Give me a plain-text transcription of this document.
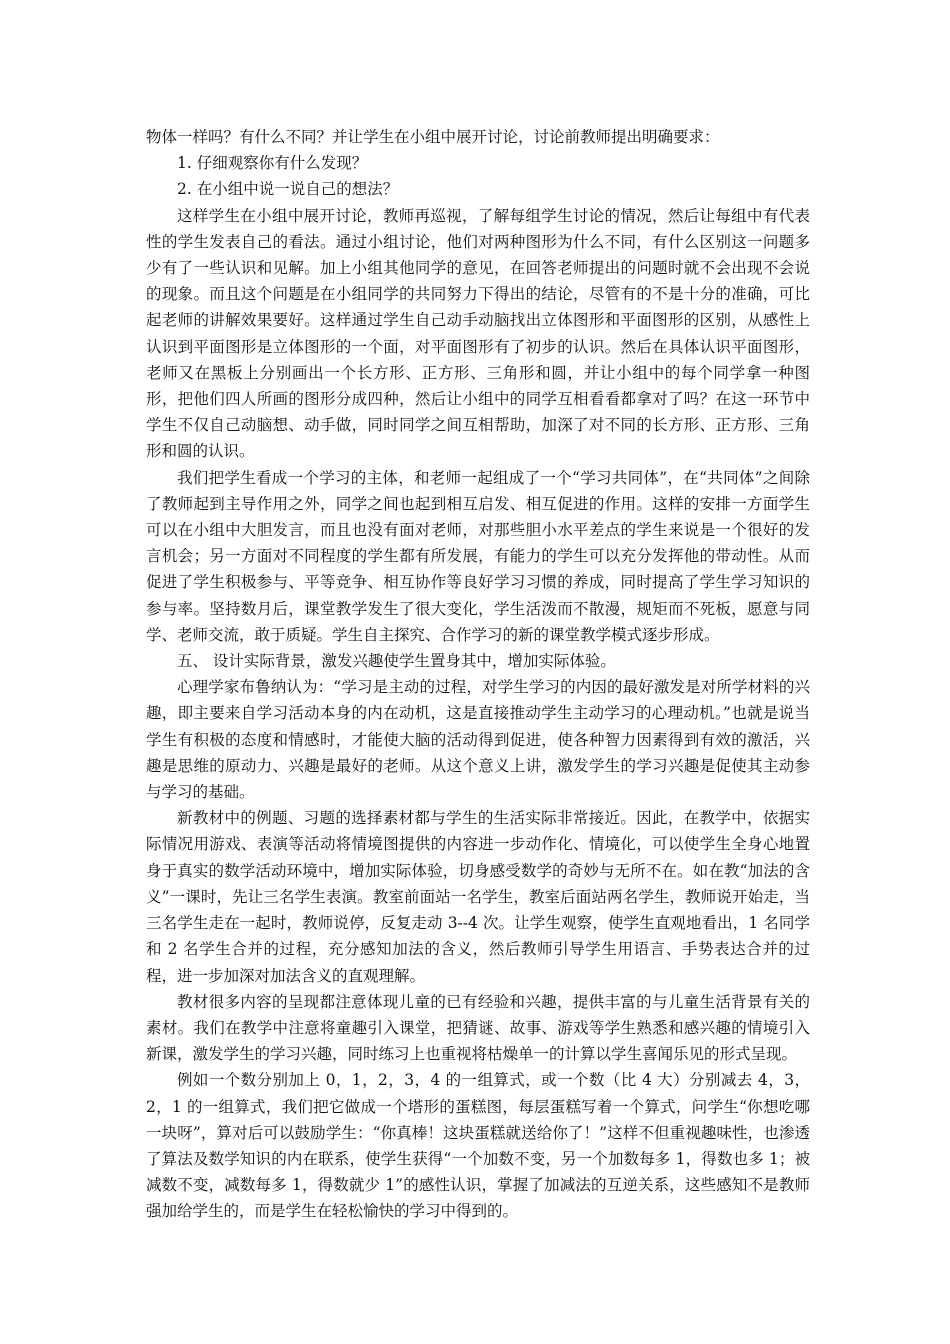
物体一样吗？有什么不同？并让学生在小组中展开讨论，讨论前教师提出明确要求：

1. 仔细观察你有什么发现？

2. 在小组中说一说自己的想法？

这样学生在小组中展开讨论，教师再巡视，了解每组学生讨论的情况，然后让每组中有代表性的学生发表自己的看法。通过小组讨论，他们对两种图形为什么不同，有什么区别这一问题多少有了一些认识和见解。加上小组其他同学的意见，在回答老师提出的问题时就不会出现不会说的现象。而且这个问题是在小组同学的共同努力下得出的结论，尽管有的不是十分的准确，可比起老师的讲解效果要好。这样通过学生自己动手动脑找出立体图形和平面图形的区别，从感性上认识到平面图形是立体图形的一个面，对平面图形有了初步的认识。然后在具体认识平面图形，老师又在黑板上分别画出一个长方形、正方形、三角形和圆，并让小组中的每个同学拿一种图形，把他们四人所画的图形分成四种，然后让小组中的同学互相看看都拿对了吗？在这一环节中学生不仅自己动脑想、动手做，同时同学之间互相帮助，加深了对不同的长方形、正方形、三角形和圆的认识。

我们把学生看成一个学习的主体，和老师一起组成了一个“学习共同体”，在“共同体”之间除了教师起到主导作用之外，同学之间也起到相互启发、相互促进的作用。这样的安排一方面学生可以在小组中大胆发言，而且也没有面对老师，对那些胆小水平差点的学生来说是一个很好的发言机会；另一方面对不同程度的学生都有所发展，有能力的学生可以充分发挥他的带动性。从而促进了学生积极参与、平等竞争、相互协作等良好学习习惯的养成，同时提高了学生学习知识的参与率。坚持数月后，课堂教学发生了很大变化，学生活泼而不散漫，规矩而不死板，愿意与同学、老师交流，敢于质疑。学生自主探究、合作学习的新的课堂教学模式逐步形成。

五、 设计实际背景，激发兴趣使学生置身其中，增加实际体验。

心理学家布鲁纳认为：“学习是主动的过程，对学生学习的内因的最好激发是对所学材料的兴趣，即主要来自学习活动本身的内在动机，这是直接推动学生主动学习的心理动机。”也就是说当学生有积极的态度和情感时，才能使大脑的活动得到促进，使各种智力因素得到有效的激活，兴趣是思维的原动力、兴趣是最好的老师。从这个意义上讲，激发学生的学习兴趣是促使其主动参与学习的基础。

新教材中的例题、习题的选择素材都与学生的生活实际非常接近。因此，在教学中，依据实际情况用游戏、表演等活动将情境图提供的内容进一步动作化、情境化，可以使学生全身心地置身于真实的数学活动环境中，增加实际体验，切身感受数学的奇妙与无所不在。如在教“加法的含义”一课时，先让三名学生表演。教室前面站一名学生，教室后面站两名学生，教师说开始走，当三名学生走在一起时，教师说停，反复走动 3--4 次。让学生观察，使学生直观地看出，1 名同学和 2 名学生合并的过程，充分感知加法的含义，然后教师引导学生用语言、手势表达合并的过程，进一步加深对加法含义的直观理解。

教材很多内容的呈现都注意体现儿童的已有经验和兴趣，提供丰富的与儿童生活背景有关的素材。我们在教学中注意将童趣引入课堂，把猜谜、故事、游戏等学生熟悉和感兴趣的情境引入新课，激发学生的学习兴趣，同时练习上也重视将枯燥单一的计算以学生喜闻乐见的形式呈现。

例如一个数分别加上 0，1，2，3，4 的一组算式，或一个数（比 4 大）分别减去 4，3，2，1 的一组算式，我们把它做成一个塔形的蛋糕图，每层蛋糕写着一个算式，问学生“你想吃哪一块呀”，算对后可以鼓励学生：“你真棒！这块蛋糕就送给你了！”这样不但重视趣味性，也渗透了算法及数学知识的内在联系，使学生获得“一个加数不变，另一个加数每多 1，得数也多 1；被减数不变，减数每多 1，得数就少 1”的感性认识，掌握了加减法的互逆关系，这些感知不是教师强加给学生的，而是学生在轻松愉快的学习中得到的。
